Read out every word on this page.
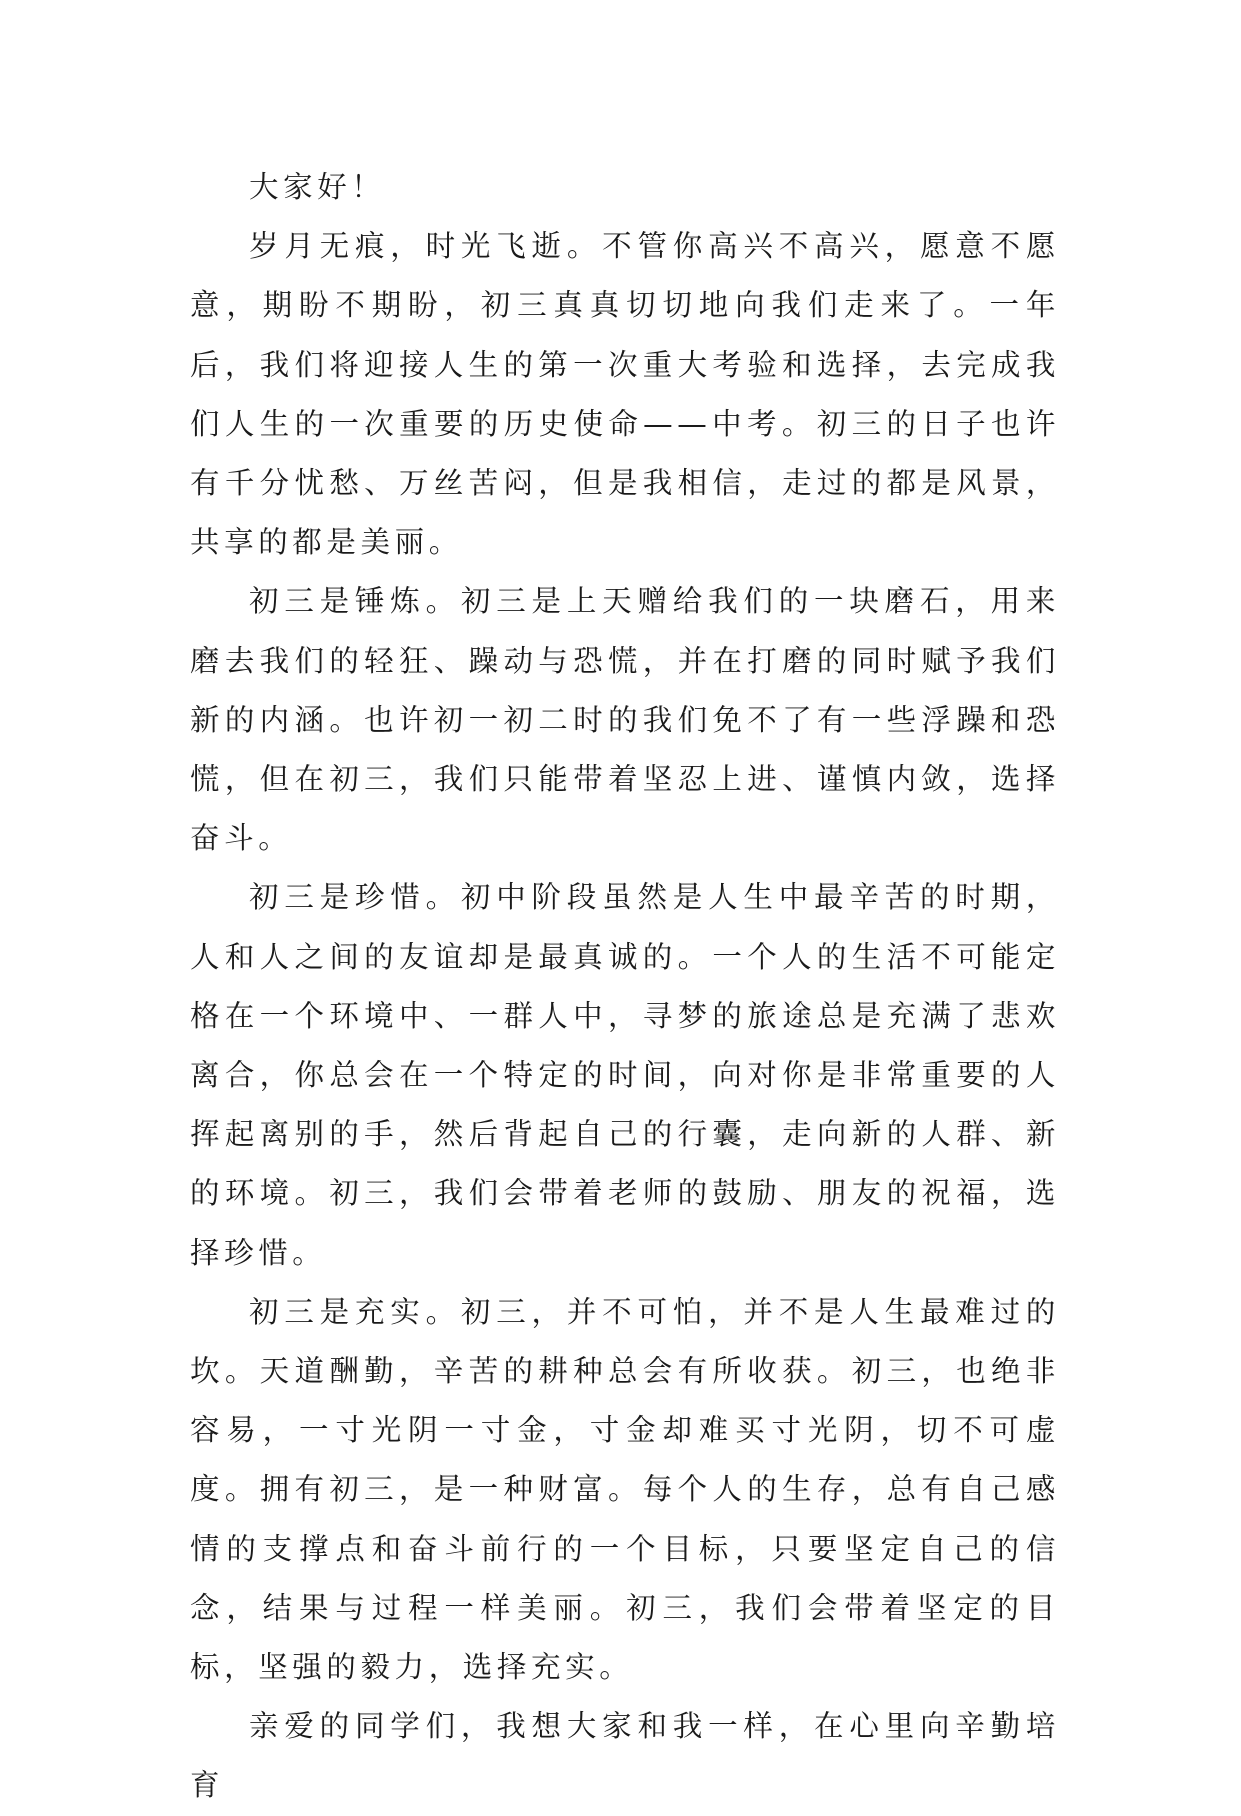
大家好！

岁月无痕，时光飞逝。不管你高兴不高兴，愿意不愿意，期盼不期盼，初三真真切切地向我们走来了。一年后，我们将迎接人生的第一次重大考验和选择，去完成我们人生的一次重要的历史使命——中考。初三的日子也许有千分忧愁、万丝苦闷，但是我相信，走过的都是风景，共享的都是美丽。

初三是锤炼。初三是上天赠给我们的一块磨石，用来磨去我们的轻狂、躁动与恐慌，并在打磨的同时赋予我们新的内涵。也许初一初二时的我们免不了有一些浮躁和恐慌，但在初三，我们只能带着坚忍上进、谨慎内敛，选择奋斗。

初三是珍惜。初中阶段虽然是人生中最辛苦的时期，人和人之间的友谊却是最真诚的。一个人的生活不可能定格在一个环境中、一群人中，寻梦的旅途总是充满了悲欢离合，你总会在一个特定的时间，向对你是非常重要的人挥起离别的手，然后背起自己的行囊，走向新的人群、新的环境。初三，我们会带着老师的鼓励、朋友的祝福，选择珍惜。

初三是充实。初三，并不可怕，并不是人生最难过的坎。天道酬勤，辛苦的耕种总会有所收获。初三，也绝非容易，一寸光阴一寸金，寸金却难买寸光阴，切不可虚度。拥有初三，是一种财富。每个人的生存，总有自己感情的支撑点和奋斗前行的一个目标，只要坚定自己的信念，结果与过程一样美丽。初三，我们会带着坚定的目标，坚强的毅力，选择充实。

亲爱的同学们，我想大家和我一样，在心里向辛勤培育
